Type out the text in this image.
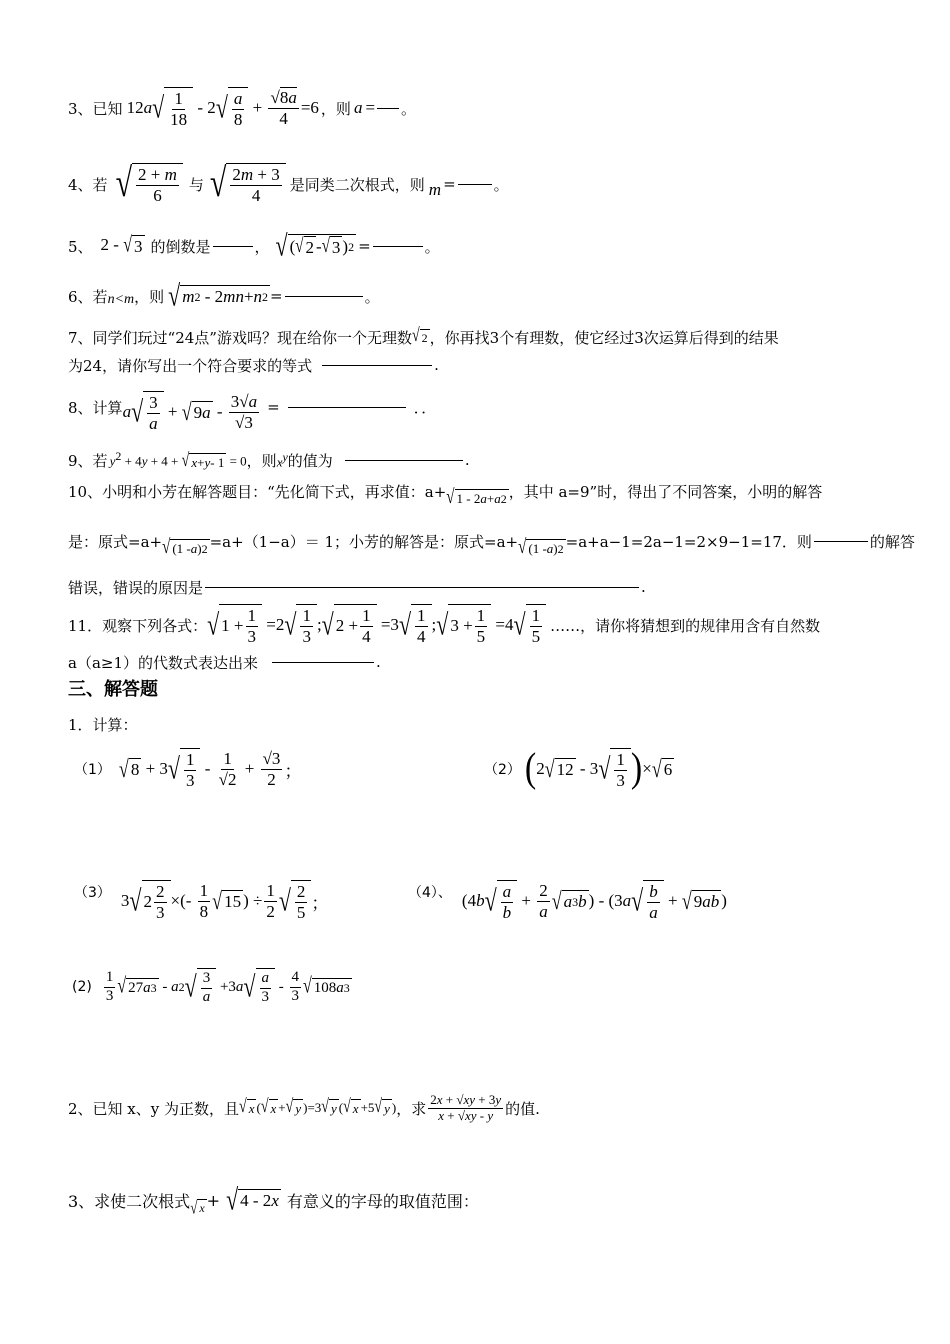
3、 已知 12 a √ $\frac{1}{18} - 2$ √ $\frac{a}{8} + \frac{√8a}{4} =6$ ，则 a = 。
4、 若 √ $\frac{2 + m}{6}$ 与 √ $\frac{2m + 3}{4}$ 是同类二次根式，则 m =	。
5、 2 - √ 3 的倒数是	， √ ( √ 2 - √ 3 ) 2 =	。
6、 若 n<m ，则 √ m 2 - 2 mn + n 2 =	。
7、同学们玩过“24点”游戏吗？现在给你一个无理数 √ 2 ，你再找3个有理数，使它经过3次运算后得到的结果
为24，请你写出一个符合要求的等式	.
8、 计算 a √ $\frac{3}{a}$ + √ 9 a - $\frac{3√a}{√3}$ =	．．
9、 若 $y^2 + 4y + 4$ + √ x + y - 1 = 0 ，则 $x^y$ 的值为	.
10、小明和小芳在解答题目：“先化简下式，再求值：a+ √ 1 - 2 a + a 2 ，其中 a=9”时，得出了不同答案，小明的解答
是：原式=a+ √ (1 - a ) 2 =a+（1−a）＝ 1；小芳的解答是：原式=a+ √ (1 - a ) 2 =a+a−1=2a−1=2×9−1=17．则	的解答
错误，错误的原因是	.
11．观察下列各式： √ $1 + \frac{1}{3} =2$ √ $\frac{1}{3}$ ; √ $2 + \frac{1}{4} =3$ √ $\frac{1}{4}$ ; √ $3 + \frac{1}{5} =4$ √ $\frac{1}{5}$ ……，请你将猜想到的规律用含有自然数
a（a≥1）的代数式表达出来	.
三、解答题
1．计算：
（1） √ 8 + 3 √ $\frac{1}{3} - \frac{1}{√2} + \frac{√3}{2}$ ；	（2） ( 2 √ 12 - 3 √ $\frac{1}{3}$ ) × √ 6
（3） 3 √ $2 \frac{2}{3}$ ×(- $\frac{1}{8}$ √ 15 ) ÷ $\frac{1}{2}$ √ $\frac{2}{5}$ ；
（4）、 (4 b √ $\frac{a}{b} + \frac{2}{a}$ √ a 3 b ) - (3 a √ $\frac{b}{a}$ + √ 9 ab )
$(2) \frac{1}{3}$ √ 27 a 3 - a 2 √ $\frac{3}{a} +3$ a √ $\frac{a}{3} - \frac{4}{3}$ √ 108 a 3
2、已知 x、y 为正数，且 √ x ( √ x + √ y )=3 √ y ( √ x +5 √ y ) ，求 $\frac{2x + √xy + 3y}{x + √xy - y}$ 的值.
3、求使二次根式 √ x + √ 4 - 2 x 有意义的字母的取值范围：
